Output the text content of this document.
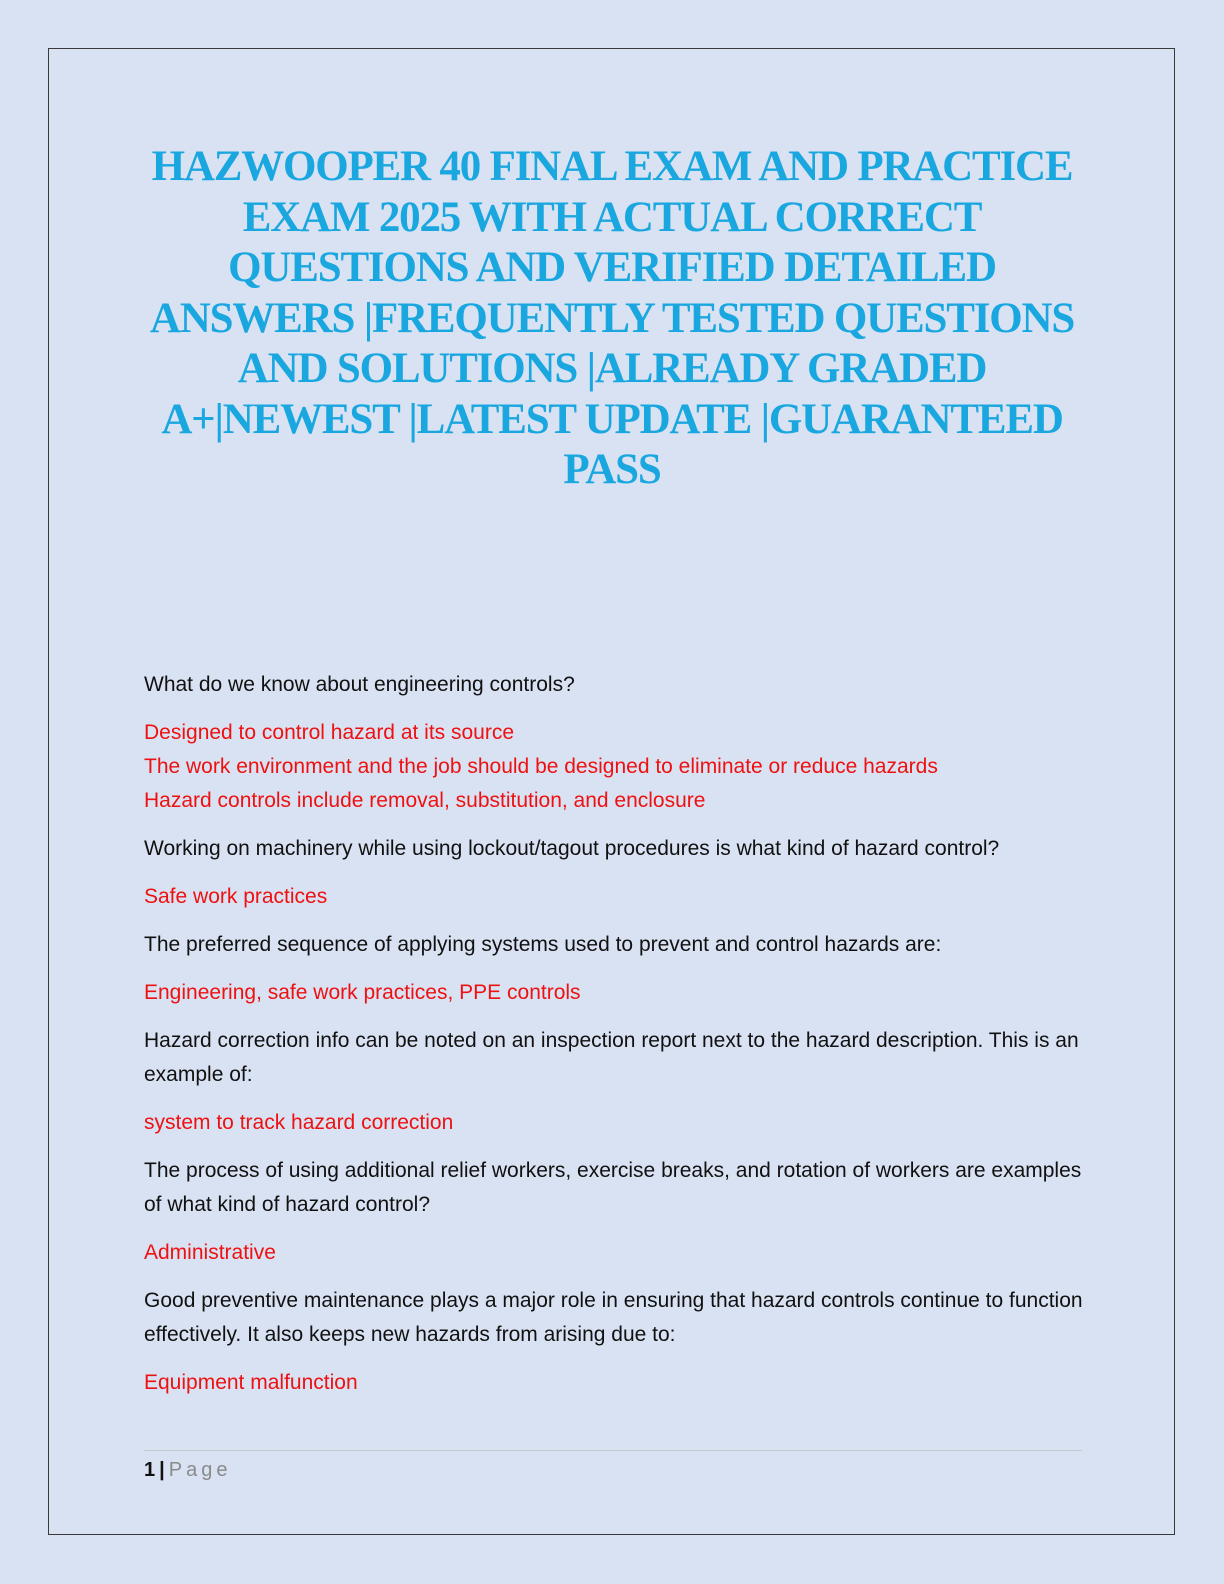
HAZWOOPER 40 FINAL EXAM AND PRACTICE EXAM 2025 WITH ACTUAL CORRECT QUESTIONS AND VERIFIED DETAILED ANSWERS |FREQUENTLY TESTED QUESTIONS AND SOLUTIONS |ALREADY GRADED A+|NEWEST |LATEST UPDATE |GUARANTEED PASS

What do we know about engineering controls?

Designed to control hazard at its source

The work environment and the job should be designed to eliminate or reduce hazards

Hazard controls include removal, substitution, and enclosure

Working on machinery while using lockout/tagout procedures is what kind of hazard control?

Safe work practices

The preferred sequence of applying systems used to prevent and control hazards are:

Engineering, safe work practices, PPE controls

Hazard correction info can be noted on an inspection report next to the hazard description. This is an example of:

system to track hazard correction

The process of using additional relief workers, exercise breaks, and rotation of workers are examples of what kind of hazard control?

Administrative

Good preventive maintenance plays a major role in ensuring that hazard controls continue to function effectively. It also keeps new hazards from arising due to:

Equipment malfunction

1 | Page
